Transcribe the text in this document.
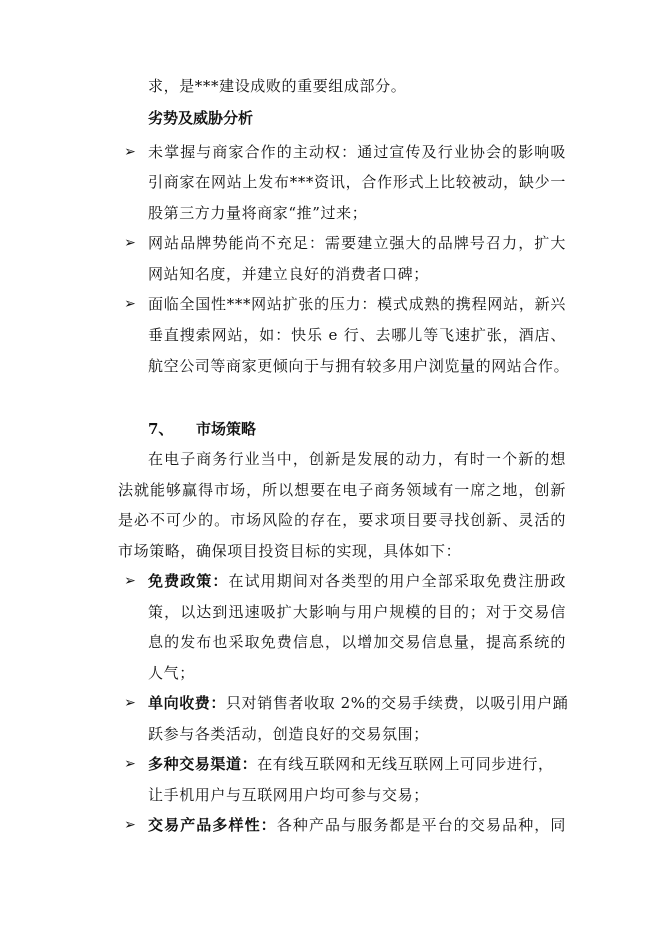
求，是***建设成败的重要组成部分。
劣势及威胁分析
➢ 未掌握与商家合作的主动权：通过宣传及行业协会的影响吸
引商家在网站上发布***资讯，合作形式上比较被动，缺少一
股第三方力量将商家“推”过来；
➢ 网站品牌势能尚不充足：需要建立强大的品牌号召力，扩大
网站知名度，并建立良好的消费者口碑；
➢ 面临全国性***网站扩张的压力：模式成熟的携程网站，新兴
垂直搜索网站，如：快乐 e 行、去哪儿等飞速扩张，酒店、
航空公司等商家更倾向于与拥有较多用户浏览量的网站合作。
7、 市场策略
在电子商务行业当中，创新是发展的动力，有时一个新的想
法就能够赢得市场，所以想要在电子商务领域有一席之地，创新
是必不可少的。市场风险的存在，要求项目要寻找创新、灵活的
市场策略，确保项目投资目标的实现，具体如下：
➢ 免费政策：在试用期间对各类型的用户全部采取免费注册政
策，以达到迅速吸扩大影响与用户规模的目的；对于交易信
息的发布也采取免费信息，以增加交易信息量，提高系统的
人气；
➢ 单向收费：只对销售者收取 2%的交易手续费，以吸引用户踊
跃参与各类活动，创造良好的交易氛围；
➢ 多种交易渠道：在有线互联网和无线互联网上可同步进行，
让手机用户与互联网用户均可参与交易；
➢ 交易产品多样性：各种产品与服务都是平台的交易品种，同
